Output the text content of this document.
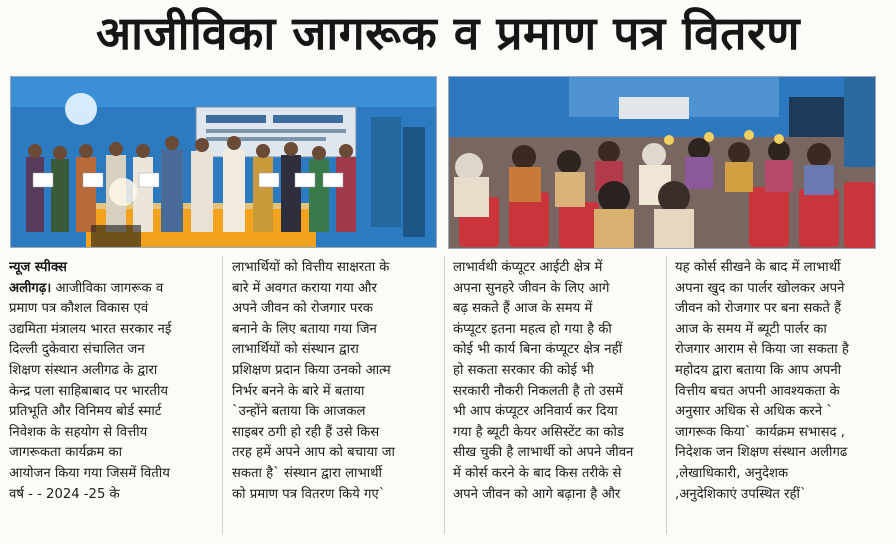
आजीविका जागरूक व प्रमाण पत्र वितरण
न्यूज स्पीक्स
अलीगढ़। आजीविका जागरूक व
प्रमाण पत्र कौशल विकास एवं
उद्यमिता मंत्रालय भारत सरकार नई
दिल्ली दुकेवारा संचालित जन
शिक्षण संस्थान अलीगढ के द्वारा
केन्द्र पला साहिबाबाद पर भारतीय
प्रतिभूति और विनिमय बोर्ड स्मार्ट
निवेशक के सहयोग से वित्तीय
जागरूकता कार्यक्रम का
आयोजन किया गया जिसमें वितीय
वर्ष - - 2024 -25 के
लाभार्थियों को वित्तीय साक्षरता के
बारे में अवगत कराया गया और
अपने जीवन को रोजगार परक
बनाने के लिए बताया गया जिन
लाभार्थियों को संस्थान द्वारा
प्रशिक्षण प्रदान किया उनको आत्म
निर्भर बनने के बारे में बताया
`उन्होंने बताया कि आजकल
साइबर ठगी हो रही हैं उसे किस
तरह हमें अपने आप को बचाया जा
सकता है` संस्थान द्वारा लाभार्थी
को प्रमाण पत्र वितरण किये गए`
लाभार्वथी कंप्यूटर आईटी क्षेत्र में
अपना सुनहरे जीवन के लिए आगे
बढ़ सकते हैं आज के समय में
कंप्यूटर इतना महत्व हो गया है की
कोई भी कार्य बिना कंप्यूटर क्षेत्र नहीं
हो सकता सरकार की कोई भी
सरकारी नौकरी निकलती है तो उसमें
भी आप कंप्यूटर अनिवार्य कर दिया
गया है ब्यूटी केयर असिस्टेंट का कोड
सीख चुकी है लाभार्थी को अपने जीवन
में कोर्स करने के बाद किस तरीके से
अपने जीवन को आगे बढ़ाना है और
यह कोर्स सीखने के बाद में लाभार्थी
अपना खुद का पार्लर खोलकर अपने
जीवन को रोजगार पर बना सकते हैं
आज के समय में ब्यूटी पार्लर का
रोजगार आराम से किया जा सकता है
महोदय द्वारा बताया कि आप अपनी
वित्तीय बचत अपनी आवश्यकता के
अनुसार अधिक से अधिक करने `
जागरूक किया` कार्यक्रम सभासद ,
निदेशक जन शिक्षण संस्थान अलीगढ
,लेखाधिकारी, अनुदेशक
,अनुदेशिकाएं उपस्थित रहीं`
